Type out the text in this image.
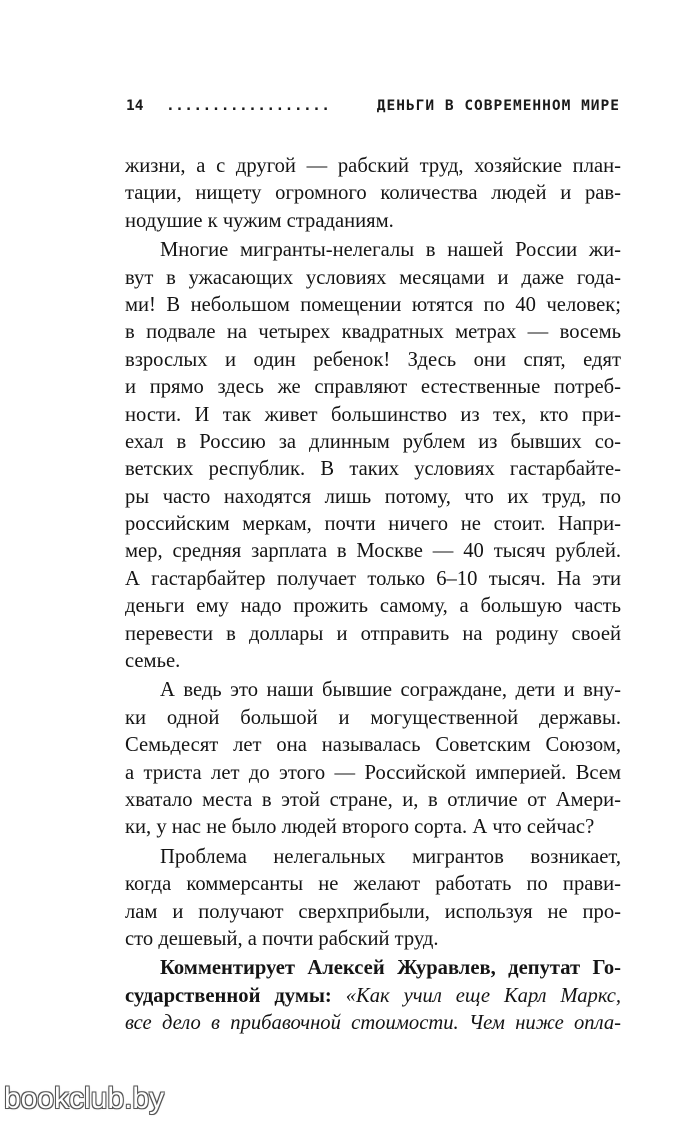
14 ..................	ДЕНЬГИ В СОВРЕМЕННОМ МИРЕ
жизни, а с другой — рабский труд, хозяйские план-
тации, нищету огромного количества людей и рав-
нодушие к чужим страданиям.
Многие мигранты-нелегалы в нашей России жи-
вут в ужасающих условиях месяцами и даже года-
ми! В небольшом помещении ютятся по 40 человек;
в подвале на четырех квадратных метрах — восемь
взрослых и один ребенок! Здесь они спят, едят
и прямо здесь же справляют естественные потреб-
ности. И так живет большинство из тех, кто при-
ехал в Россию за длинным рублем из бывших со-
ветских республик. В таких условиях гастарбайте-
ры часто находятся лишь потому, что их труд, по
российским меркам, почти ничего не стоит. Напри-
мер, средняя зарплата в Москве — 40 тысяч рублей.
А гастарбайтер получает только 6–10 тысяч. На эти
деньги ему надо прожить самому, а большую часть
перевести в доллары и отправить на родину своей
семье.
А ведь это наши бывшие сограждане, дети и вну-
ки одной большой и могущественной державы.
Семьдесят лет она называлась Советским Союзом,
а триста лет до этого — Российской империей. Всем
хватало места в этой стране, и, в отличие от Амери-
ки, у нас не было людей второго сорта. А что сейчас?
Проблема нелегальных мигрантов возникает,
когда коммерсанты не желают работать по прави-
лам и получают сверхприбыли, используя не про-
сто дешевый, а почти рабский труд.
Комментирует Алексей Журавлев, депутат Го-
сударственной думы: «Как учил еще Карл Маркс,
все дело в прибавочной стоимости. Чем ниже опла-
bookclub.by
